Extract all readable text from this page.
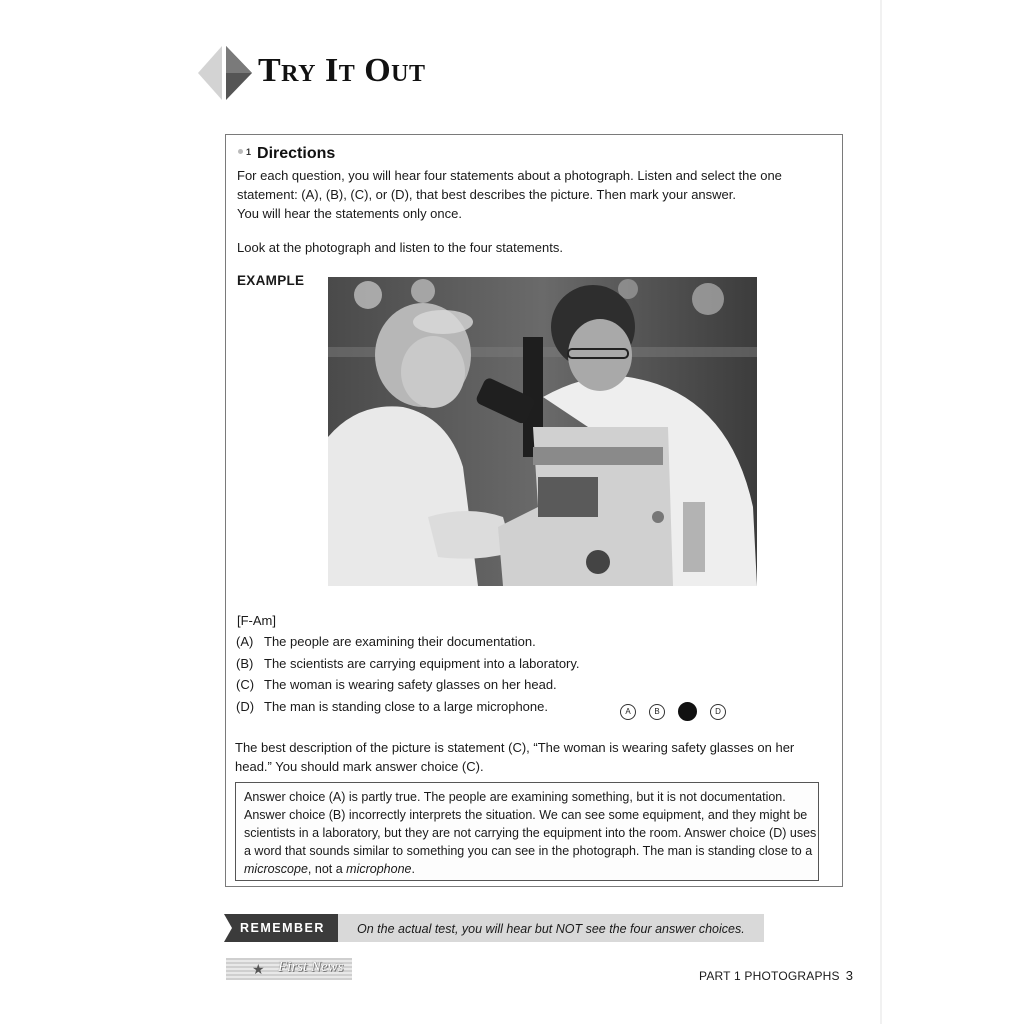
Try It Out
1 Directions

For each question, you will hear four statements about a photograph. Listen and select the one

statement: (A), (B), (C), or (D), that best describes the picture. Then mark your answer.

You will hear the statements only once.

Look at the photograph and listen to the four statements.
EXAMPLE
[F-Am]
(A) The people are examining their documentation.
(B) The scientists are carrying equipment into a laboratory.
(C) The woman is wearing safety glasses on her head.
(D) The man is standing close to a large microphone.	A	B	D
The best description of the picture is statement (C), “The woman is wearing safety glasses on her
head.” You should mark answer choice (C).
Answer choice (A) is partly true. The people are examining something, but it is not documentation. Answer choice (B) incorrectly interprets the situation. We can see some equipment, and they might be scientists in a laboratory, but they are not carrying the equipment into the room. Answer choice (D) uses a word that sounds similar to something you can see in the photograph. The man is standing close to a microscope, not a microphone.
REMEMBER	On the actual test, you will hear but NOT see the four answer choices.
★ First News
PART 1 PHOTOGRAPHS 3
